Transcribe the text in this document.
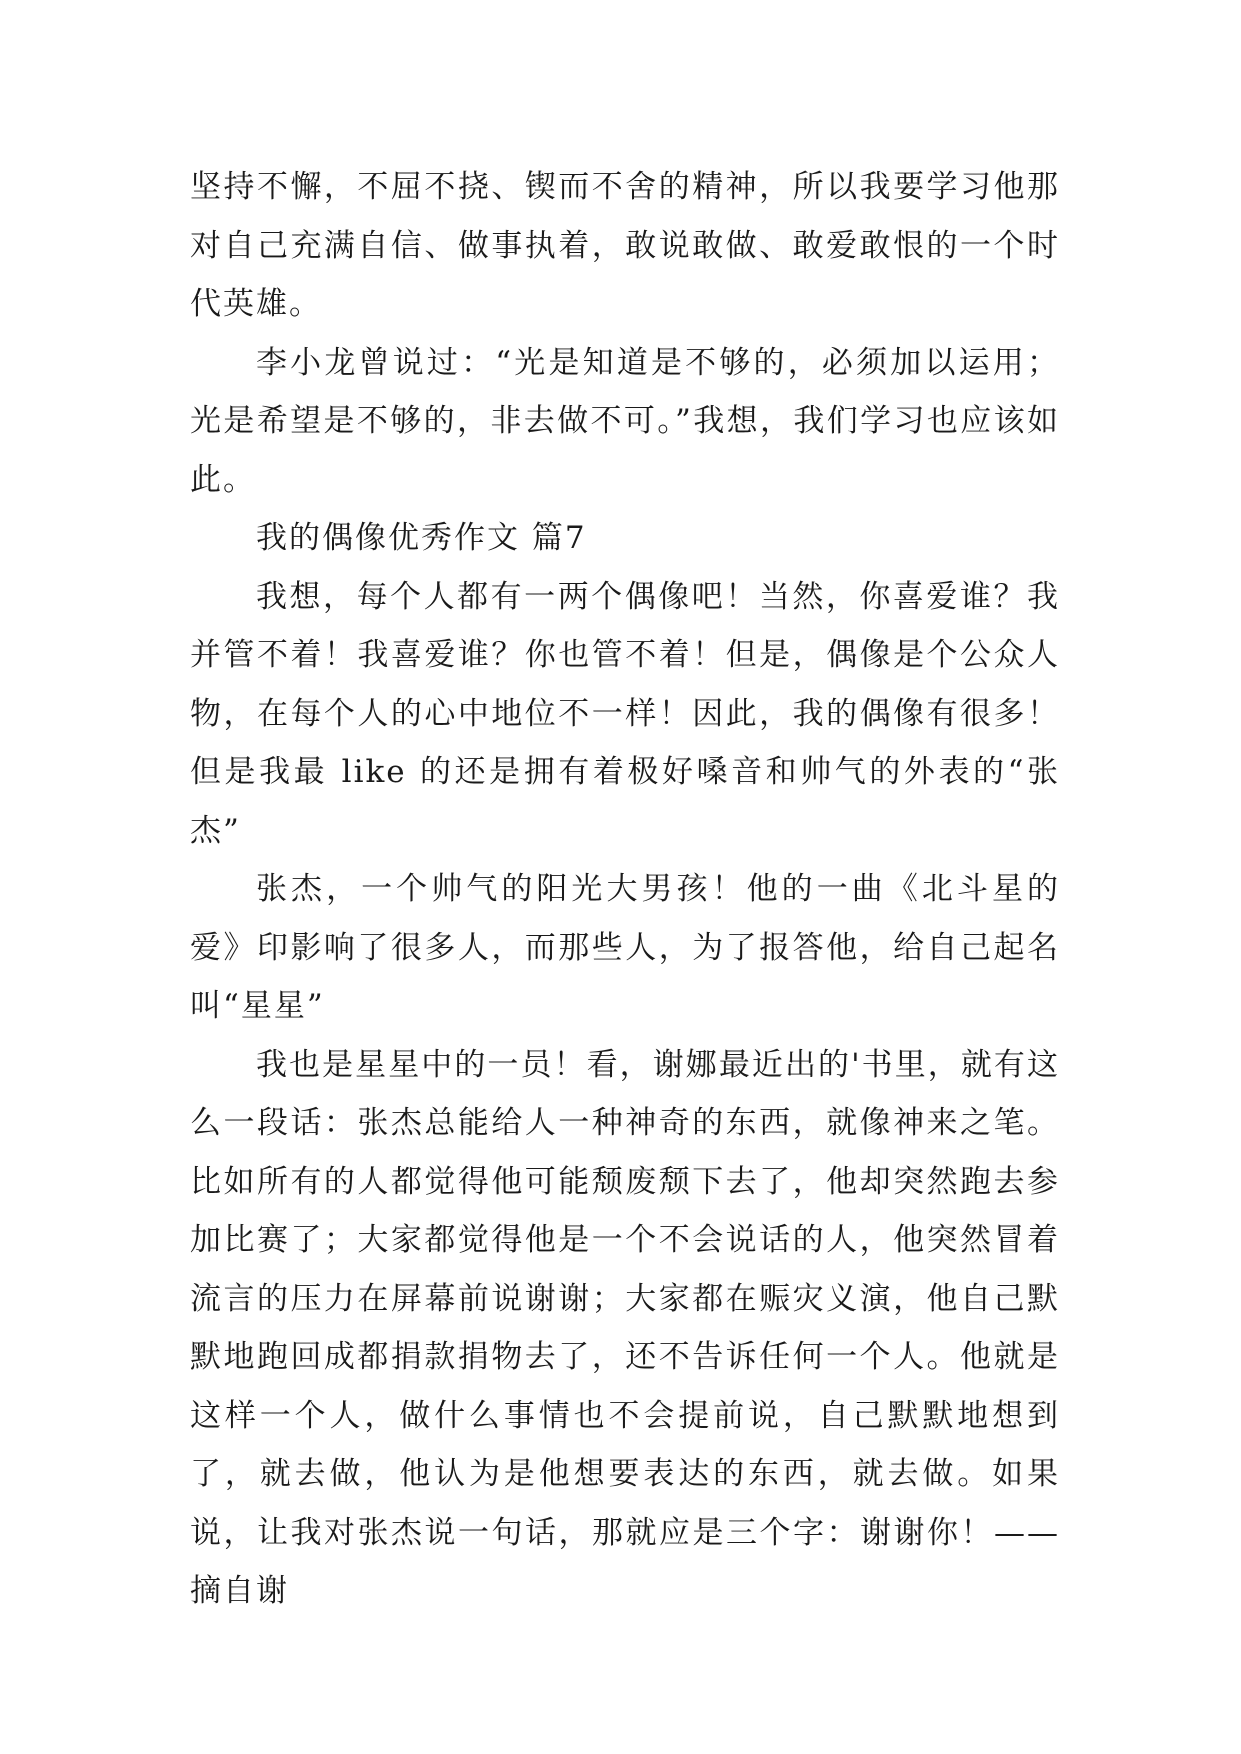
坚持不懈，不屈不挠、锲而不舍的精神，所以我要学习他那对自己充满自信、做事执着，敢说敢做、敢爱敢恨的一个时代英雄。

李小龙曾说过：“光是知道是不够的，必须加以运用；光是希望是不够的，非去做不可。”我想，我们学习也应该如此。

我的偶像优秀作文 篇7

我想，每个人都有一两个偶像吧！当然，你喜爱谁？我并管不着！我喜爱谁？你也管不着！但是，偶像是个公众人物，在每个人的心中地位不一样！因此，我的偶像有很多！但是我最 like 的还是拥有着极好嗓音和帅气的外表的“张杰”

张杰，一个帅气的阳光大男孩！他的一曲《北斗星的爱》印影响了很多人，而那些人，为了报答他，给自己起名叫“星星”

我也是星星中的一员！看，谢娜最近出的'书里，就有这么一段话：张杰总能给人一种神奇的东西，就像神来之笔。比如所有的人都觉得他可能颓废颓下去了，他却突然跑去参加比赛了；大家都觉得他是一个不会说话的人，他突然冒着流言的压力在屏幕前说谢谢；大家都在赈灾义演，他自己默默地跑回成都捐款捐物去了，还不告诉任何一个人。他就是这样一个人，做什么事情也不会提前说，自己默默地想到了，就去做，他认为是他想要表达的东西，就去做。如果说，让我对张杰说一句话，那就应是三个字：谢谢你！——摘自谢
